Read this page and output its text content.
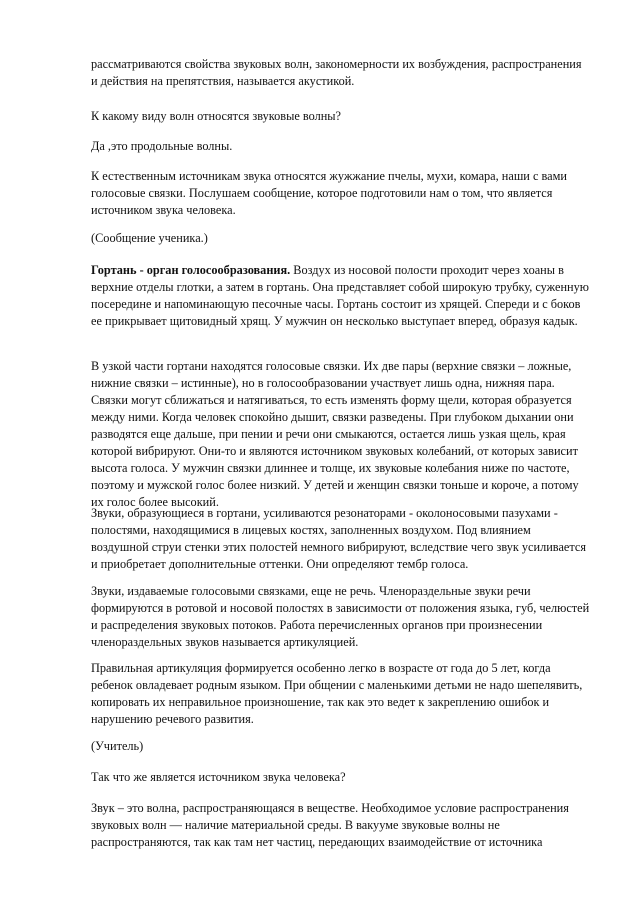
рассматриваются свойства звуковых волн, закономерности их возбуждения, распространения и действия на препятствия, называется акустикой.

К какому виду волн относятся звуковые волны?

Да ,это продольные волны.

К естественным источникам звука относятся жужжание пчелы, мухи, комара, наши с вами голосовые связки. Послушаем сообщение, которое подготовили нам о том, что является источником звука человека.

(Сообщение ученика.)

Гортань - орган голосообразования. Воздух из носовой полости проходит через хоаны в верхние отделы глотки, а затем в гортань. Она представляет собой широкую трубку, суженную посередине и напоминающую песочные часы. Гортань состоит из хрящей. Спереди и с боков ее прикрывает щитовидный хрящ. У мужчин он несколько выступает вперед, образуя кадык.

В узкой части гортани находятся голосовые связки. Их две пары (верхние связки – ложные, нижние связки – истинные), но в голосообразовании участвует лишь одна, нижняя пара. Связки могут сближаться и натягиваться, то есть изменять форму щели, которая образуется между ними. Когда человек спокойно дышит, связки разведены. При глубоком дыхании они разводятся еще дальше, при пении и речи они смыкаются, остается лишь узкая щель, края которой вибрируют. Они-то и являются источником звуковых колебаний, от которых зависит высота голоса. У мужчин связки длиннее и толще, их звуковые колебания ниже по частоте, поэтому и мужской голос более низкий. У детей и женщин связки тоньше и короче, а потому их голос более высокий.

Звуки, образующиеся в гортани, усиливаются резонаторами - околоносовыми пазухами - полостями, находящимися в лицевых костях, заполненных воздухом. Под влиянием воздушной струи стенки этих полостей немного вибрируют, вследствие чего звук усиливается и приобретает дополнительные оттенки. Они определяют тембр голоса.

Звуки, издаваемые голосовыми связками, еще не речь. Членораздельные звуки речи формируются в ротовой и носовой полостях в зависимости от положения языка, губ, челюстей и распределения звуковых потоков. Работа перечисленных органов при произнесении членораздельных звуков называется артикуляцией.

Правильная артикуляция формируется особенно легко в возрасте от года до 5 лет, когда ребенок овладевает родным языком. При общении с маленькими детьми не надо шепелявить, копировать их неправильное произношение, так как это ведет к закреплению ошибок и нарушению речевого развития.

(Учитель)

Так что же является источником звука человека?

Звук – это волна, распространяющаяся в веществе. Необходимое условие распространения звуковых волн — наличие материальной среды. В вакууме звуковые волны не распространяются, так как там нет частиц, передающих взаимодействие от источника
